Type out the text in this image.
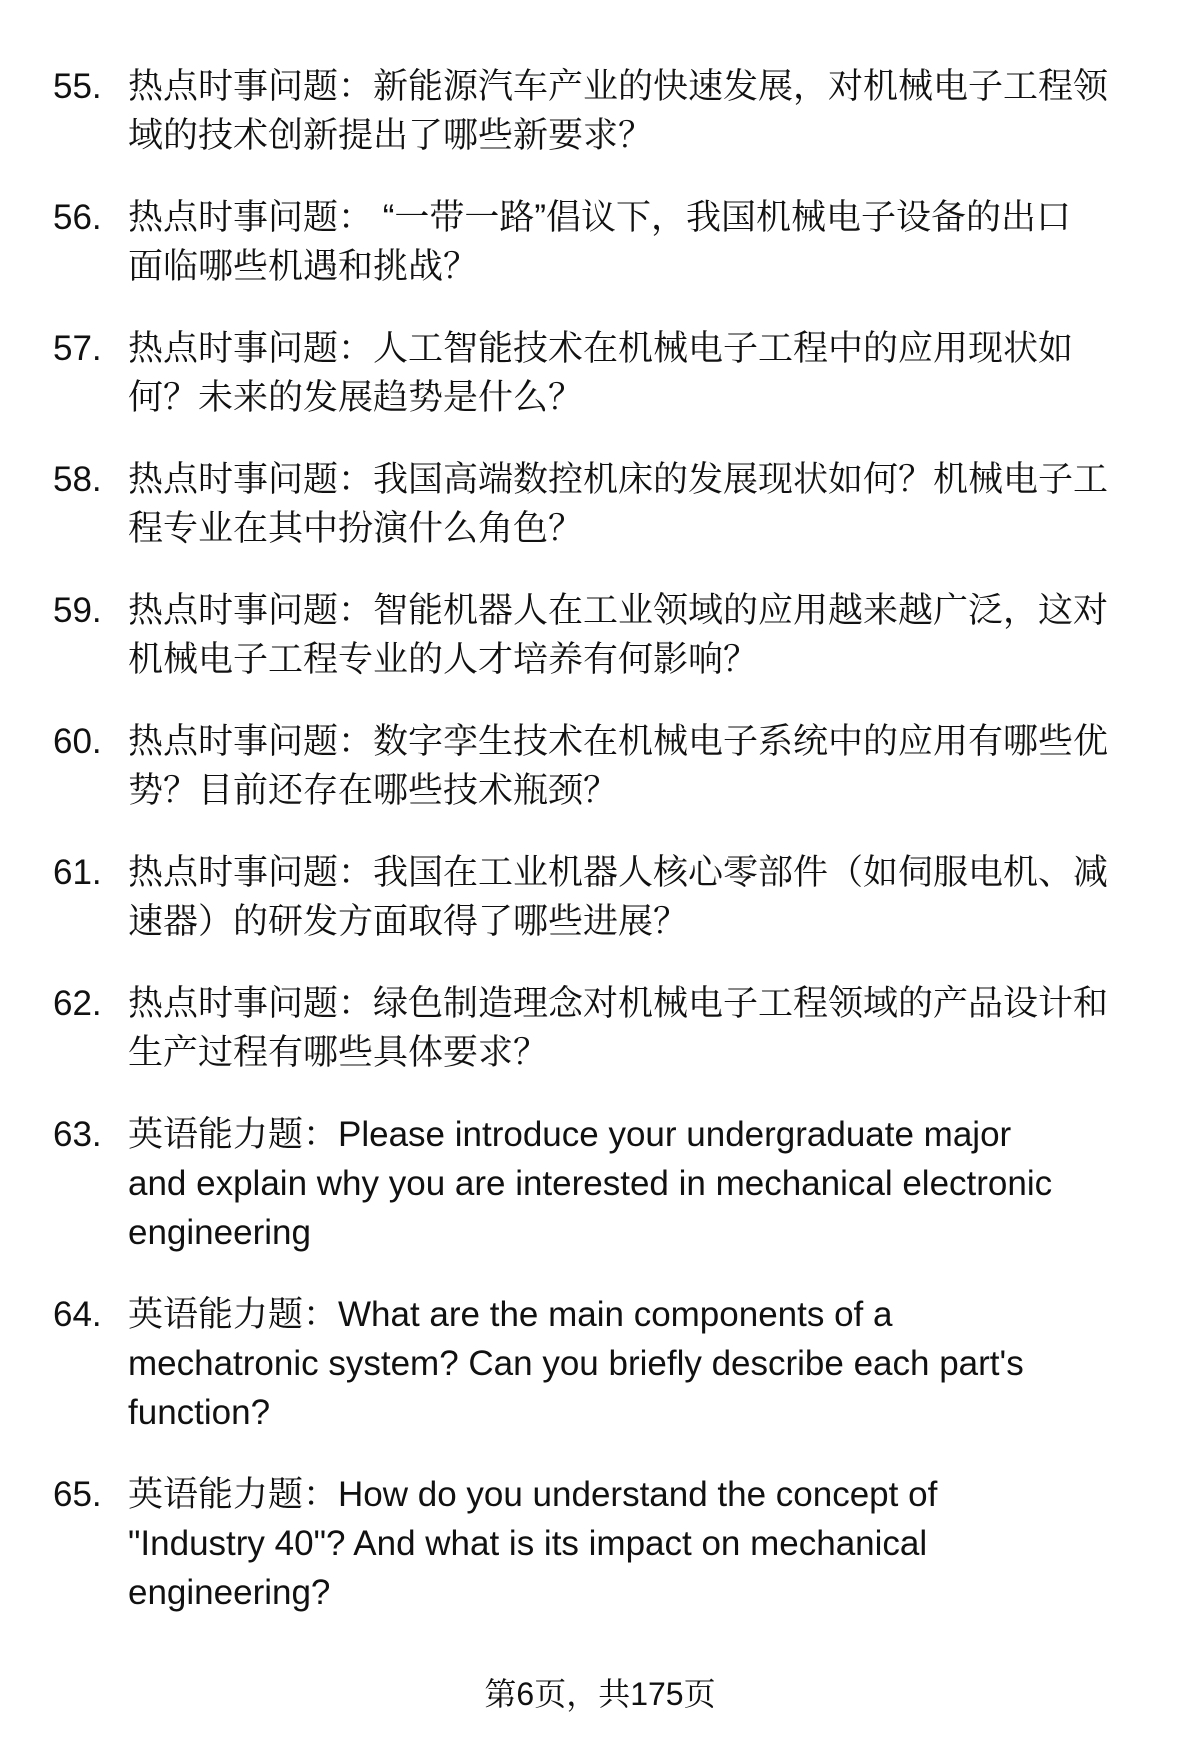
55. 热点时事问题：新能源汽车产业的快速发展，对机械电子工程领
域的技术创新提出了哪些新要求？
56. 热点时事问题： “一带一路”倡议下，我国机械电子设备的出口
面临哪些机遇和挑战？
57. 热点时事问题：人工智能技术在机械电子工程中的应用现状如
何？未来的发展趋势是什么？
58. 热点时事问题：我国高端数控机床的发展现状如何？机械电子工
程专业在其中扮演什么角色？
59. 热点时事问题：智能机器人在工业领域的应用越来越广泛，这对
机械电子工程专业的人才培养有何影响？
60. 热点时事问题：数字孪生技术在机械电子系统中的应用有哪些优
势？目前还存在哪些技术瓶颈？
61. 热点时事问题：我国在工业机器人核心零部件（如伺服电机、减
速器）的研发方面取得了哪些进展？
62. 热点时事问题：绿色制造理念对机械电子工程领域的产品设计和
生产过程有哪些具体要求？
63. 英语能力题：Please introduce your undergraduate major
and explain why you are interested in mechanical electronic
engineering
64. 英语能力题：What are the main components of a
mechatronic system? Can you briefly describe each part's
function?
65. 英语能力题：How do you understand the concept of
"Industry 40"? And what is its impact on mechanical
engineering?
第6页，共175页
